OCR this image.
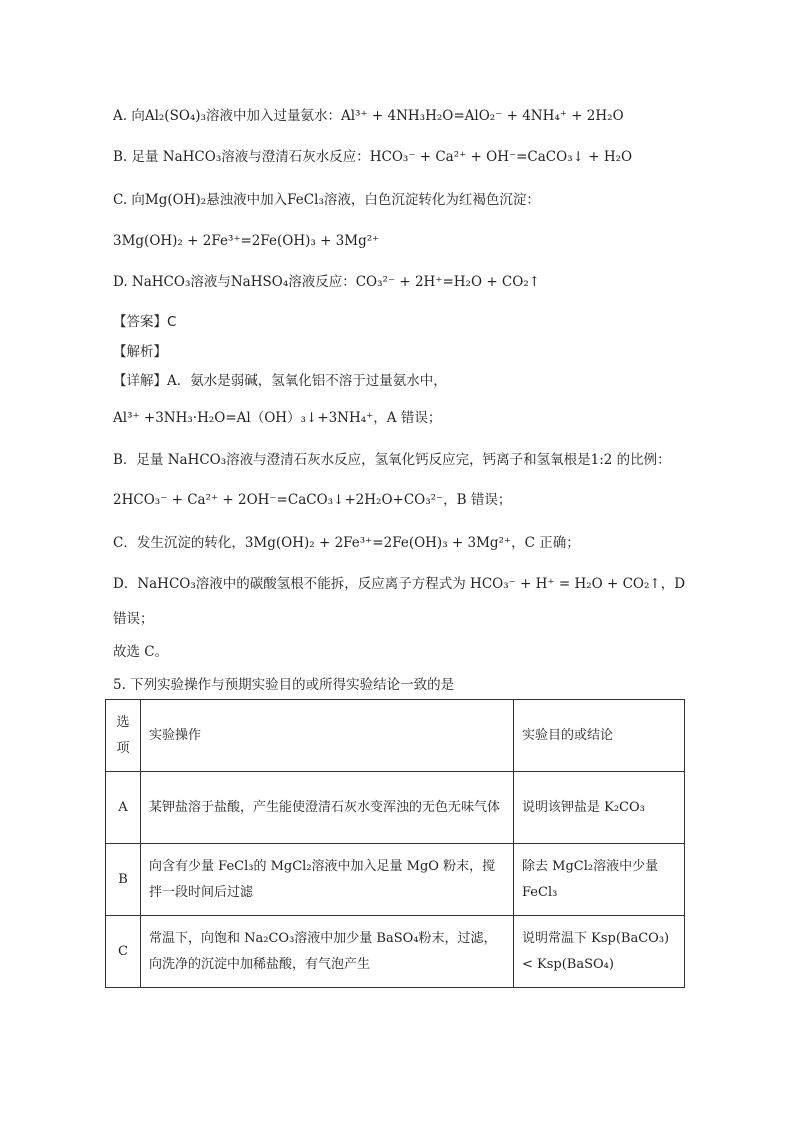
A. 向Al₂(SO₄)₃溶液中加入过量氨水：Al³⁺ + 4NH₃H₂O=AlO₂⁻ + 4NH₄⁺ + 2H₂O
B. 足量 NaHCO₃溶液与澄清石灰水反应：HCO₃⁻ + Ca²⁺ + OH⁻=CaCO₃↓ + H₂O
C. 向Mg(OH)₂悬浊液中加入FeCl₃溶液，白色沉淀转化为红褐色沉淀：
3Mg(OH)₂ + 2Fe³⁺=2Fe(OH)₃ + 3Mg²⁺
D. NaHCO₃溶液与NaHSO₄溶液反应：CO₃²⁻ + 2H⁺=H₂O + CO₂↑
【答案】C
【解析】
【详解】A．氨水是弱碱，氢氧化铝不溶于过量氨水中，
Al³⁺ +3NH₃·H₂O=Al（OH）₃↓+3NH₄⁺，A 错误；
B．足量 NaHCO₃溶液与澄清石灰水反应，氢氧化钙反应完，钙离子和氢氧根是1:2 的比例：
2HCO₃⁻ + Ca²⁺ + 2OH⁻=CaCO₃↓+2H₂O+CO₃²⁻，B 错误；
C．发生沉淀的转化，3Mg(OH)₂ + 2Fe³⁺=2Fe(OH)₃ + 3Mg²⁺，C 正确；
D．NaHCO₃溶液中的碳酸氢根不能拆，反应离子方程式为 HCO₃⁻ + H⁺ = H₂O + CO₂↑，D
错误；
故选 C。
5. 下列实验操作与预期实验目的或所得实验结论一致的是
选项	实验操作	实验目的或结论
A	某钾盐溶于盐酸，产生能使澄清石灰水变浑浊的无色无味气体	说明该钾盐是 K₂CO₃
B	向含有少量 FeCl₃的 MgCl₂溶液中加入足量 MgO 粉末，搅拌一段时间后过滤	除去 MgCl₂溶液中少量 FeCl₃
C	常温下，向饱和 Na₂CO₃溶液中加少量 BaSO₄粉末，过滤，向洗净的沉淀中加稀盐酸，有气泡产生	说明常温下 Ksp(BaCO₃)< Ksp(BaSO₄)
